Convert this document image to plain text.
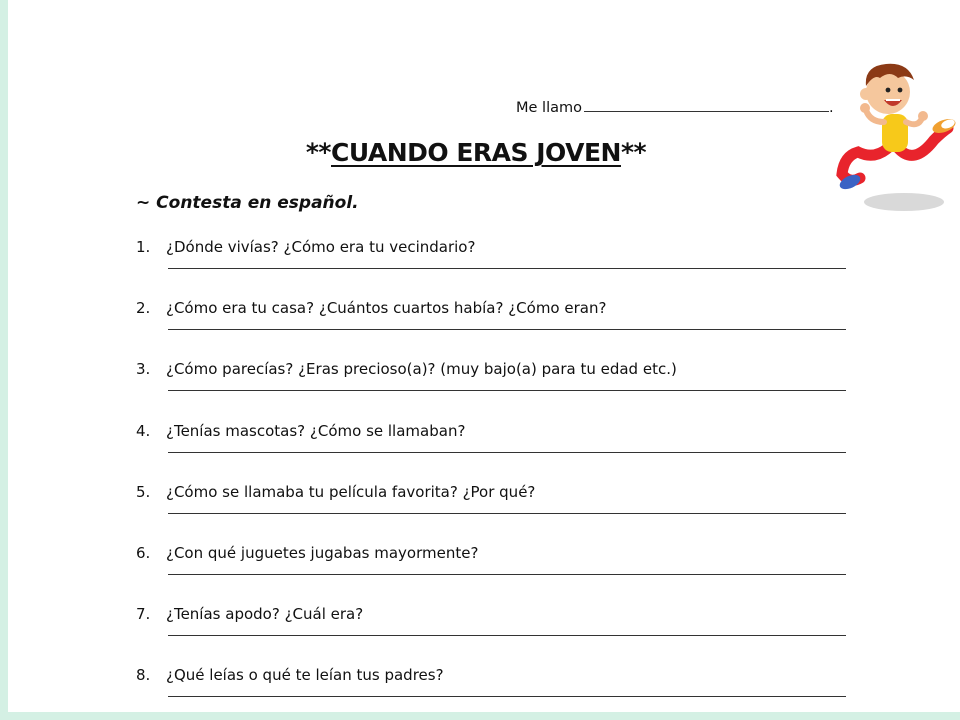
Me llamo	.
**CUANDO ERAS JOVEN**
~ Contesta en español.
1.	¿Dónde vivías? ¿Cómo era tu vecindario?
2.	¿Cómo era tu casa? ¿Cuántos cuartos había? ¿Cómo eran?
3.	¿Cómo parecías? ¿Eras precioso(a)? (muy bajo(a) para tu edad etc.)
4.	¿Tenías mascotas? ¿Cómo se llamaban?
5.	¿Cómo se llamaba tu película favorita? ¿Por qué?
6.	¿Con qué juguetes jugabas mayormente?
7.	¿Tenías apodo? ¿Cuál era?
8.	¿Qué leías o qué te leían tus padres?
